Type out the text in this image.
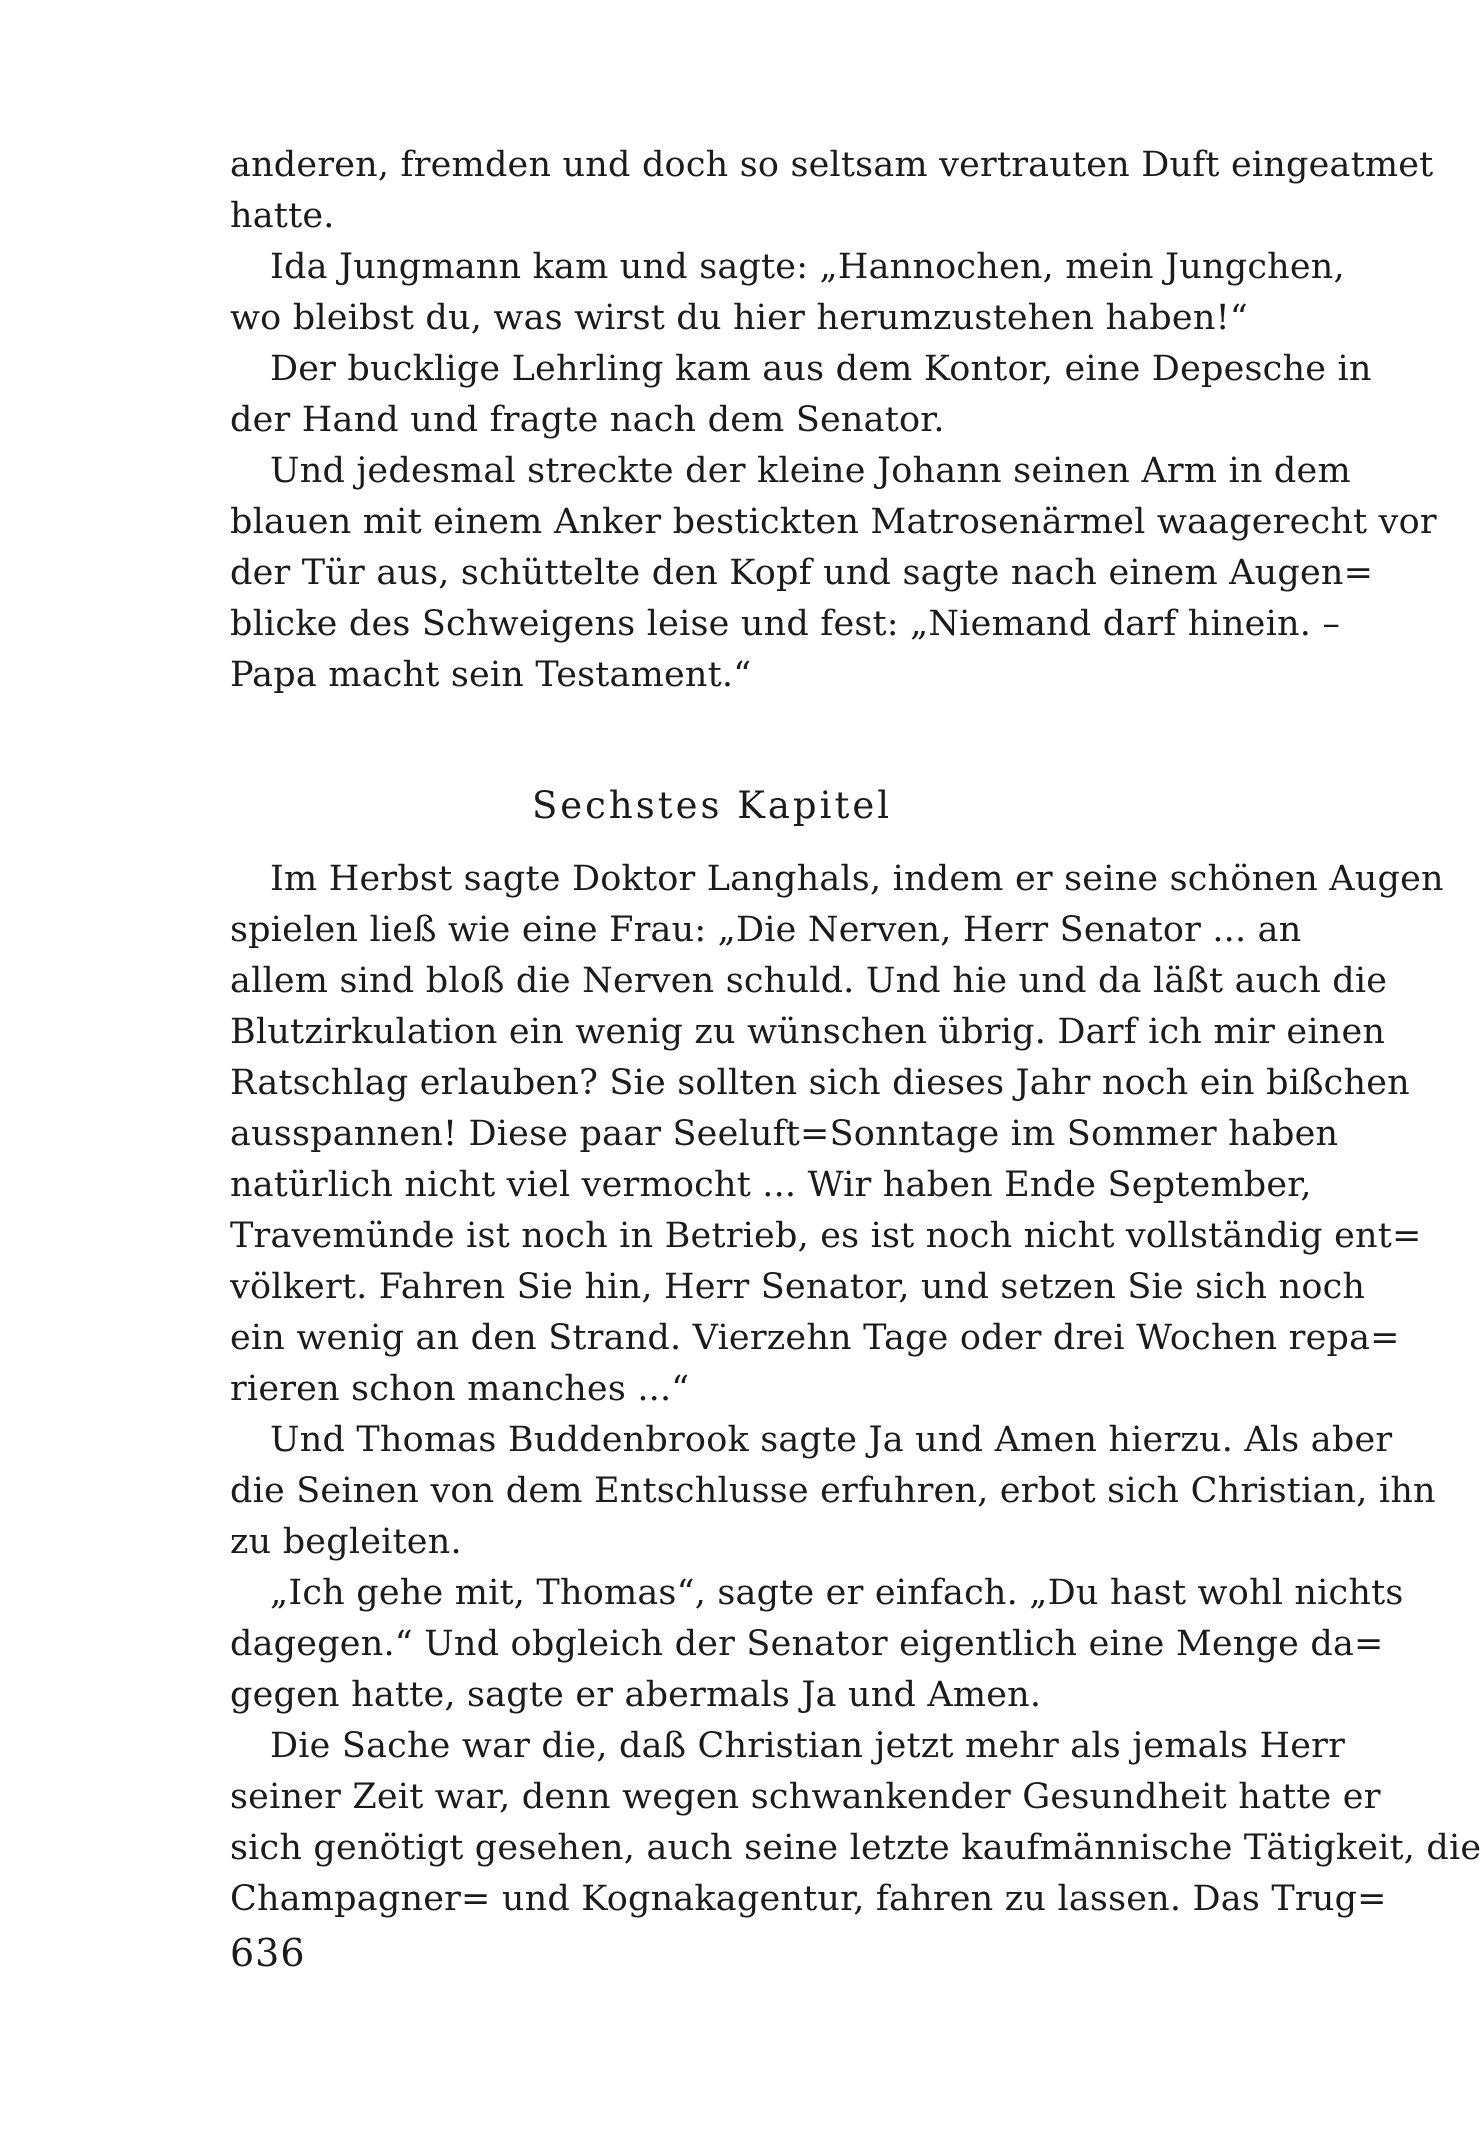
anderen, fremden und doch so seltsam vertrauten Duft eingeatmet
hatte.
Ida Jungmann kam und sagte: „Hannochen, mein Jungchen,
wo bleibst du, was wirst du hier herumzustehen haben!“
Der bucklige Lehrling kam aus dem Kontor, eine Depesche in
der Hand und fragte nach dem Senator.
Und jedesmal streckte der kleine Johann seinen Arm in dem
blauen mit einem Anker bestickten Matrosenärmel waagerecht vor
der Tür aus, schüttelte den Kopf und sagte nach einem Augen=
blicke des Schweigens leise und fest: „Niemand darf hinein. –
Papa macht sein Testament.“
Sechstes Kapitel
Im Herbst sagte Doktor Langhals, indem er seine schönen Augen
spielen ließ wie eine Frau: „Die Nerven, Herr Senator ... an
allem sind bloß die Nerven schuld. Und hie und da läßt auch die
Blutzirkulation ein wenig zu wünschen übrig. Darf ich mir einen
Ratschlag erlauben? Sie sollten sich dieses Jahr noch ein bißchen
ausspannen! Diese paar Seeluft=Sonntage im Sommer haben
natürlich nicht viel vermocht ... Wir haben Ende September,
Travemünde ist noch in Betrieb, es ist noch nicht vollständig ent=
völkert. Fahren Sie hin, Herr Senator, und setzen Sie sich noch
ein wenig an den Strand. Vierzehn Tage oder drei Wochen repa=
rieren schon manches ...“
Und Thomas Buddenbrook sagte Ja und Amen hierzu. Als aber
die Seinen von dem Entschlusse erfuhren, erbot sich Christian, ihn
zu begleiten.
„Ich gehe mit, Thomas“, sagte er einfach. „Du hast wohl nichts
dagegen.“ Und obgleich der Senator eigentlich eine Menge da=
gegen hatte, sagte er abermals Ja und Amen.
Die Sache war die, daß Christian jetzt mehr als jemals Herr
seiner Zeit war, denn wegen schwankender Gesundheit hatte er
sich genötigt gesehen, auch seine letzte kaufmännische Tätigkeit, die
Champagner= und Kognakagentur, fahren zu lassen. Das Trug=
636
